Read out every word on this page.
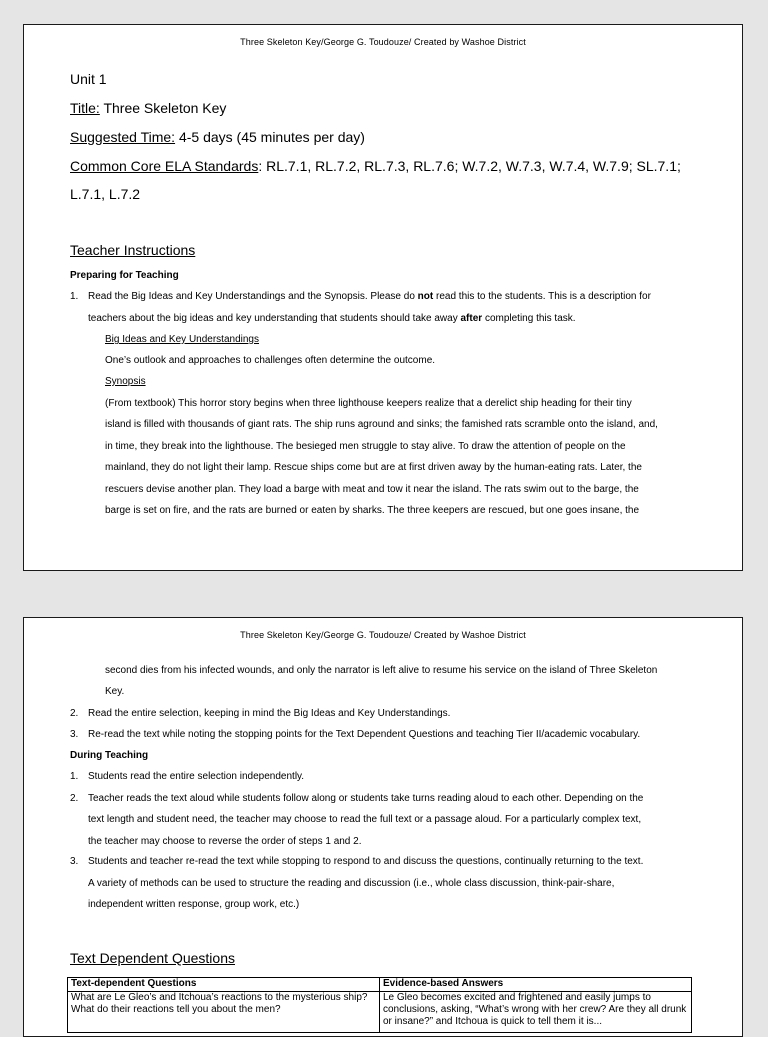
Three Skeleton Key/George G. Toudouze/ Created by Washoe District
Unit 1
Title: Three Skeleton Key
Suggested Time: 4-5 days (45 minutes per day)
Common Core ELA Standards: RL.7.1, RL.7.2, RL.7.3, RL.7.6; W.7.2, W.7.3, W.7.4, W.7.9; SL.7.1;
L.7.1, L.7.2
Teacher Instructions
Preparing for Teaching
1. Read the Big Ideas and Key Understandings and the Synopsis. Please do not read this to the students. This is a description for
teachers about the big ideas and key understanding that students should take away after completing this task.
Big Ideas and Key Understandings
One’s outlook and approaches to challenges often determine the outcome.
Synopsis
(From textbook) This horror story begins when three lighthouse keepers realize that a derelict ship heading for their tiny
island is filled with thousands of giant rats. The ship runs aground and sinks; the famished rats scramble onto the island, and,
in time, they break into the lighthouse. The besieged men struggle to stay alive. To draw the attention of people on the
mainland, they do not light their lamp. Rescue ships come but are at first driven away by the human-eating rats. Later, the
rescuers devise another plan. They load a barge with meat and tow it near the island. The rats swim out to the barge, the
barge is set on fire, and the rats are burned or eaten by sharks. The three keepers are rescued, but one goes insane, the
Three Skeleton Key/George G. Toudouze/ Created by Washoe District
second dies from his infected wounds, and only the narrator is left alive to resume his service on the island of Three Skeleton
Key.
2. Read the entire selection, keeping in mind the Big Ideas and Key Understandings.
3. Re-read the text while noting the stopping points for the Text Dependent Questions and teaching Tier II/academic vocabulary.
During Teaching
1. Students read the entire selection independently.
2. Teacher reads the text aloud while students follow along or students take turns reading aloud to each other. Depending on the
text length and student need, the teacher may choose to read the full text or a passage aloud. For a particularly complex text,
the teacher may choose to reverse the order of steps 1 and 2.
3. Students and teacher re-read the text while stopping to respond to and discuss the questions, continually returning to the text.
A variety of methods can be used to structure the reading and discussion (i.e., whole class discussion, think-pair-share,
independent written response, group work, etc.)
Text Dependent Questions
Text-dependent Questions	Evidence-based Answers
What are Le Gleo’s and Itchoua’s reactions to the mysterious ship? What do their reactions tell you about the men?	Le Gleo becomes excited and frightened and easily jumps to conclusions, asking, “What’s wrong with her crew? Are they all drunk or insane?” and Itchoua is quick to tell them it is...
